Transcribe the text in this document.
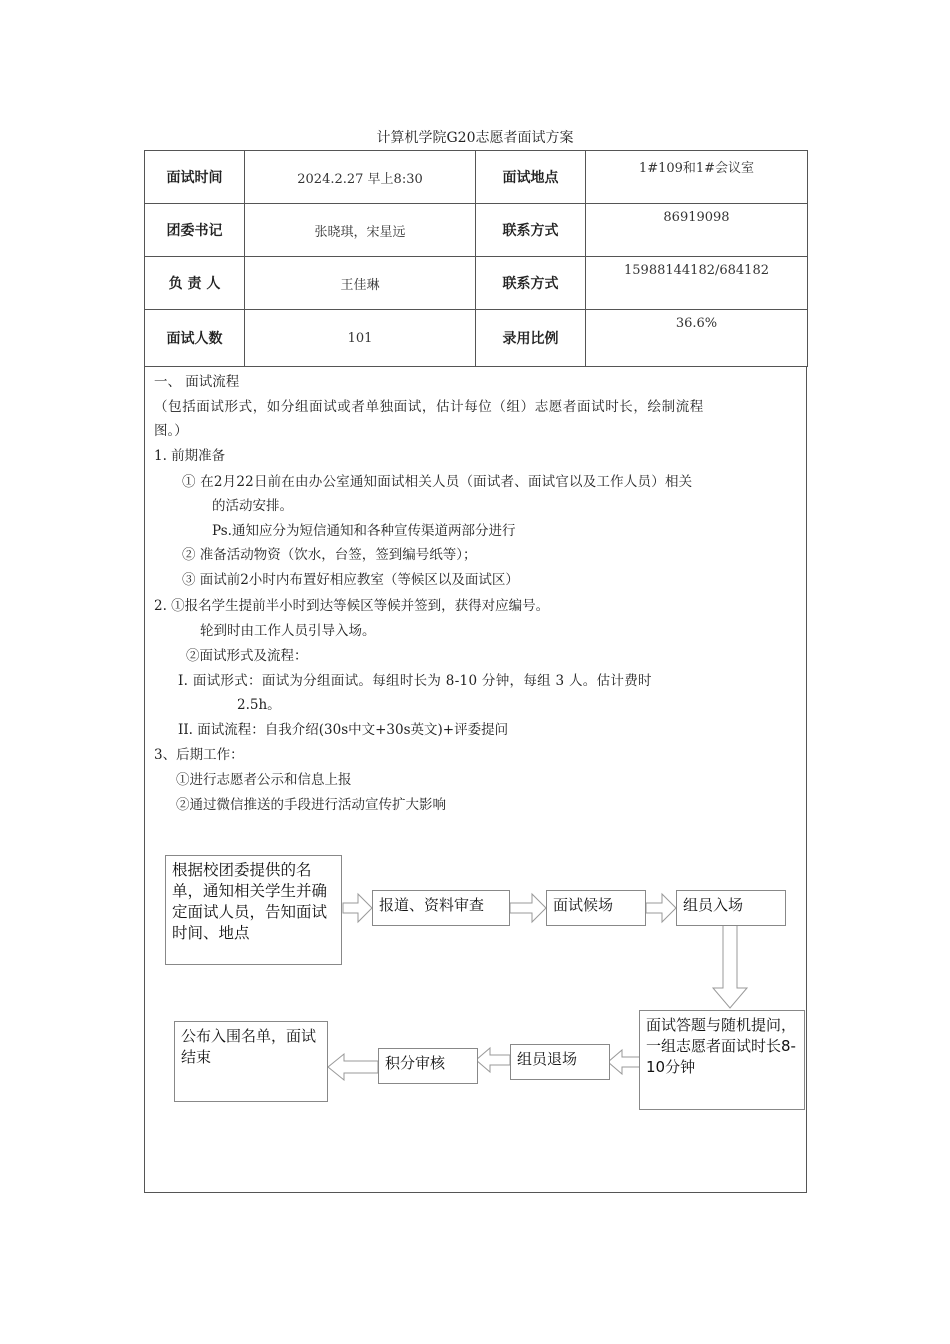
计算机学院G20志愿者面试方案
面试时间	2024.2.27 早上8:30	面试地点	1#109和1#会议室
团委书记	张晓琪，宋星远	联系方式	86919098
负 责 人	王佳琳	联系方式	15988144182/684182
面试人数	101	录用比例	36.6%
一、 面试流程
（包括面试形式，如分组面试或者单独面试，估计每位（组）志愿者面试时长，绘制流程
图。）
1. 前期准备
① 在2月22日前在由办公室通知面试相关人员（面试者、面试官以及工作人员）相关
的活动安排。
Ps.通知应分为短信通知和各种宣传渠道两部分进行
② 准备活动物资（饮水，台签，签到编号纸等）；
③ 面试前2小时内布置好相应教室（等候区以及面试区）
2. ①报名学生提前半小时到达等候区等候并签到，获得对应编号。
轮到时由工作人员引导入场。
②面试形式及流程：
I. 面试形式：面试为分组面试。每组时长为 8-10 分钟，每组 3 人。估计费时
2.5h。
II. 面试流程：自我介绍(30s中文+30s英文)+评委提问
3、后期工作：
①进行志愿者公示和信息上报
②通过微信推送的手段进行活动宣传扩大影响
根据校团委提供的名单，通知相关学生并确定面试人员，告知面试时间、地点
报道、资料审查	面试候场	组员入场
面试答题与随机提问，一组志愿者面试时长8-10分钟
组员退场
积分审核
公布入围名单，面试结束
